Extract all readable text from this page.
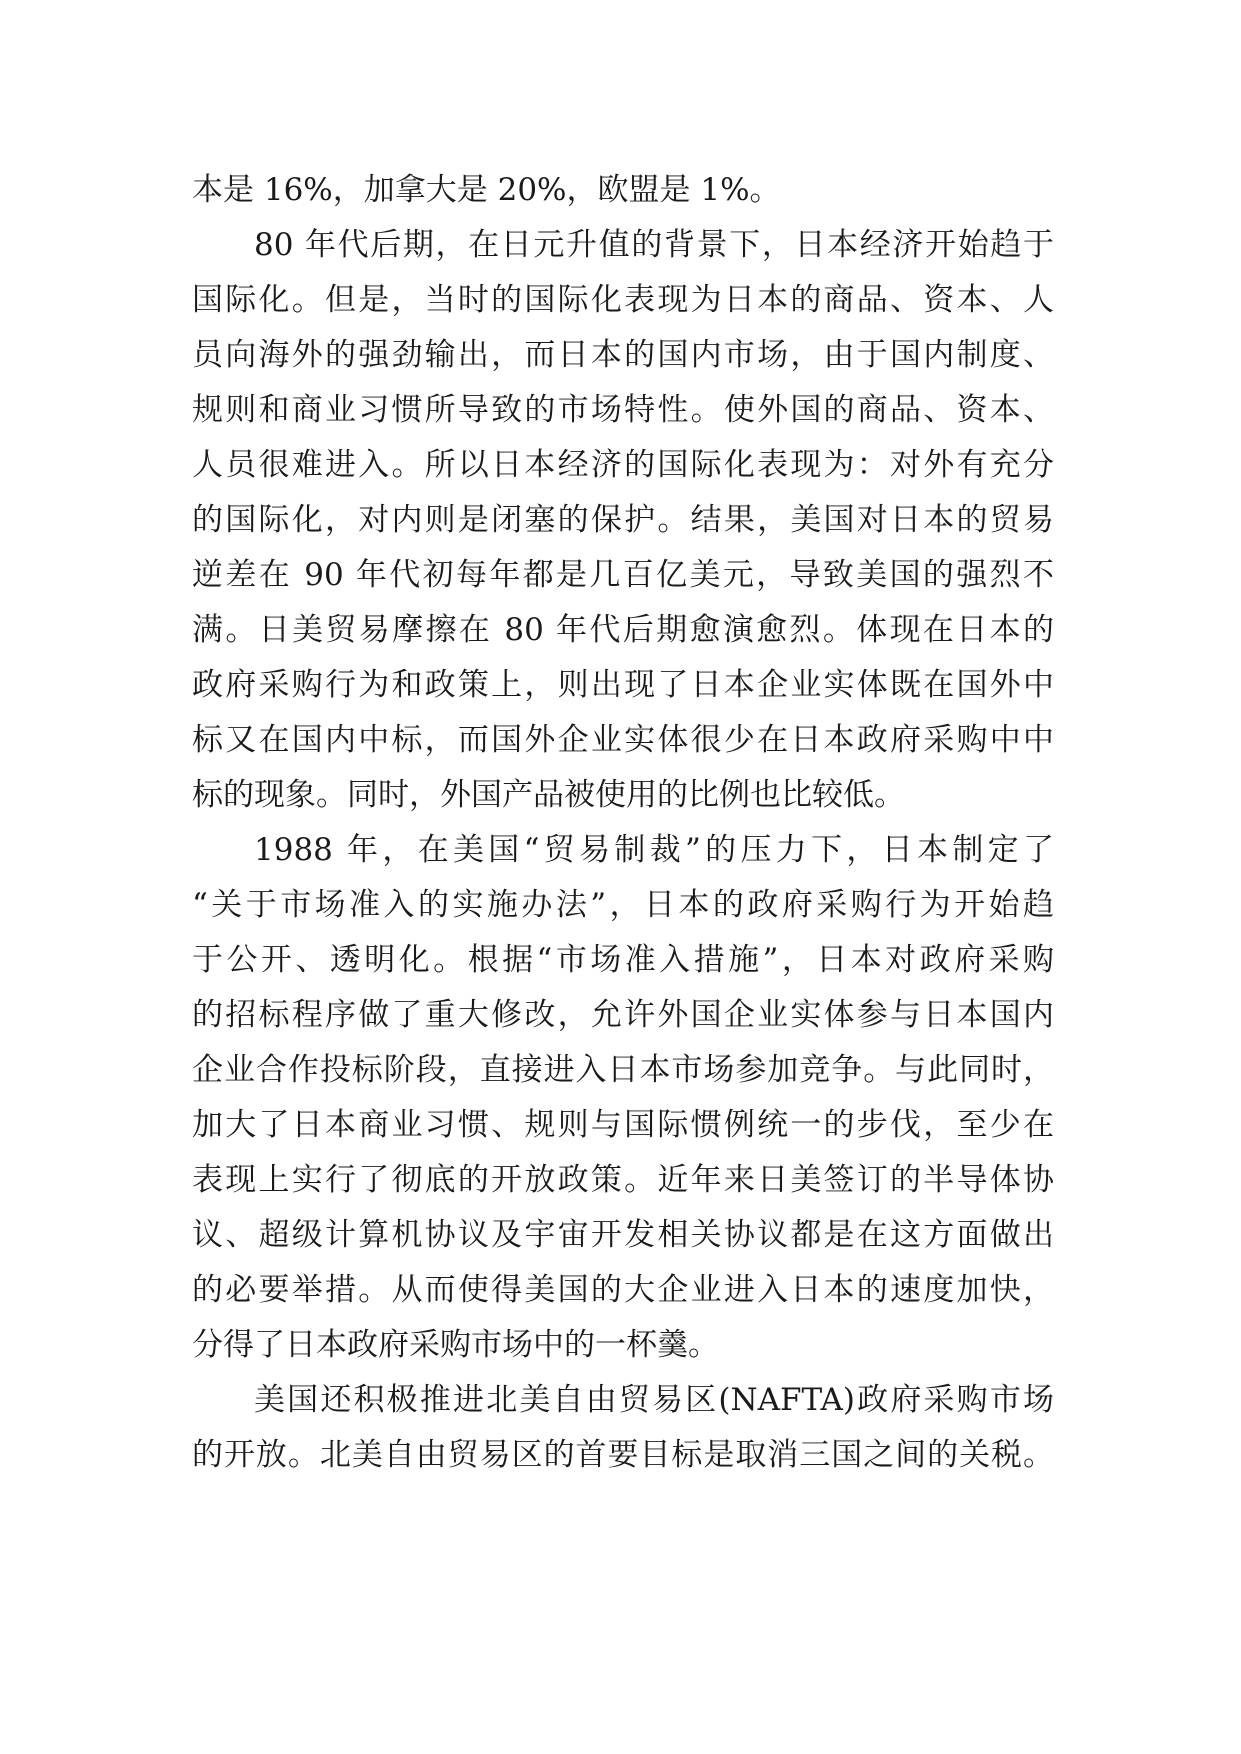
本是 16%，加拿大是 20%，欧盟是 1%。
80 年代后期，在日元升值的背景下，日本经济开始趋于
国际化。但是，当时的国际化表现为日本的商品、资本、人
员向海外的强劲输出，而日本的国内市场，由于国内制度、
规则和商业习惯所导致的市场特性。使外国的商品、资本、
人员很难进入。所以日本经济的国际化表现为：对外有充分
的国际化，对内则是闭塞的保护。结果，美国对日本的贸易
逆差在 90 年代初每年都是几百亿美元，导致美国的强烈不
满。日美贸易摩擦在 80 年代后期愈演愈烈。体现在日本的
政府采购行为和政策上，则出现了日本企业实体既在国外中
标又在国内中标，而国外企业实体很少在日本政府采购中中
标的现象。同时，外国产品被使用的比例也比较低。
1988 年，在美国“贸易制裁”的压力下，日本制定了
“关于市场准入的实施办法”，日本的政府采购行为开始趋
于公开、透明化。根据“市场准入措施”，日本对政府采购
的招标程序做了重大修改，允许外国企业实体参与日本国内
企业合作投标阶段，直接进入日本市场参加竞争。与此同时，
加大了日本商业习惯、规则与国际惯例统一的步伐，至少在
表现上实行了彻底的开放政策。近年来日美签订的半导体协
议、超级计算机协议及宇宙开发相关协议都是在这方面做出
的必要举措。从而使得美国的大企业进入日本的速度加快，
分得了日本政府采购市场中的一杯羹。
美国还积极推进北美自由贸易区(NAFTA)政府采购市场
的开放。北美自由贸易区的首要目标是取消三国之间的关税。
